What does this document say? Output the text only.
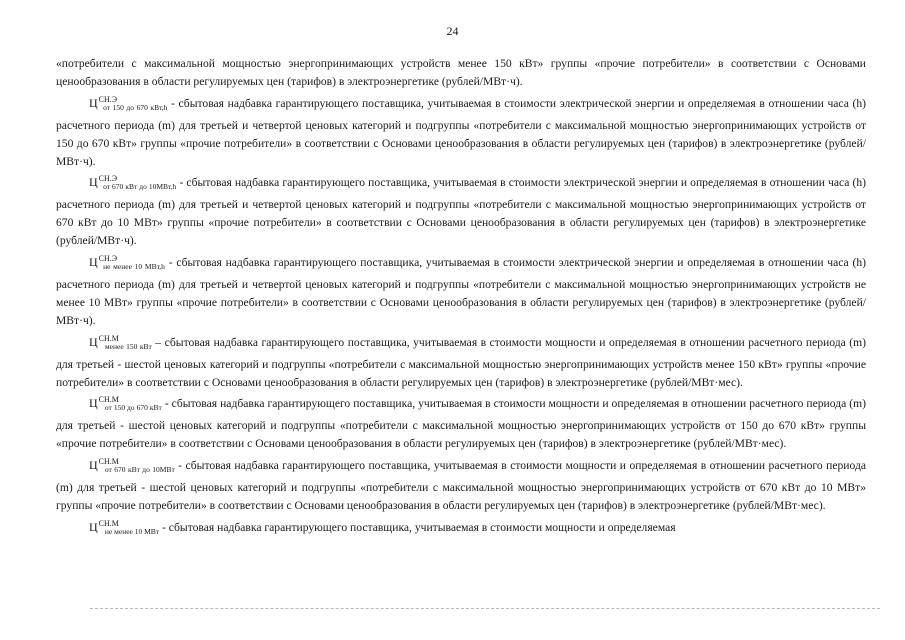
24

«потребители с максимальной мощностью энергопринимающих устройств менее 150 кВт» группы «прочие потребители» в соответствии с Основами ценообразования в области регулируемых цен (тарифов) в электроэнергетике (рублей/МВт·ч).

$Ц^{СН.Э}_{от 150 до 670 кВт,h}$ - сбытовая надбавка гарантирующего поставщика, учитываемая в стоимости электрической энергии и определяемая в отношении часа (h) расчетного периода (m) для третьей и четвертой ценовых категорий и подгруппы «потребители с максимальной мощностью энергопринимающих устройств от 150 до 670 кВт» группы «прочие потребители» в соответствии с Основами ценообразования в области регулируемых цен (тарифов) в электроэнергетике (рублей/МВт·ч).

$Ц^{СН.Э}_{от 670 кВт до 10МВт,h}$ - сбытовая надбавка гарантирующего поставщика, учитываемая в стоимости электрической энергии и определяемая в отношении часа (h) расчетного периода (m) для третьей и четвертой ценовых категорий и подгруппы «потребители с максимальной мощностью энергопринимающих устройств от 670 кВт до 10 МВт» группы «прочие потребители» в соответствии с Основами ценообразования в области регулируемых цен (тарифов) в электроэнергетике (рублей/МВт·ч).

$Ц^{СН.Э}_{не менее 10 МВт,h}$ - сбытовая надбавка гарантирующего поставщика, учитываемая в стоимости электрической энергии и определяемая в отношении часа (h) расчетного периода (m) для третьей и четвертой ценовых категорий и подгруппы «потребители с максимальной мощностью энергопринимающих устройств не менее 10 МВт» группы «прочие потребители» в соответствии с Основами ценообразования в области регулируемых цен (тарифов) в электроэнергетике (рублей/МВт·ч).

$Ц^{СН.М}_{менее 150 кВт}$ – сбытовая надбавка гарантирующего поставщика, учитываемая в стоимости мощности и определяемая в отношении расчетного периода (m) для третьей - шестой ценовых категорий и подгруппы «потребители с максимальной мощностью энергопринимающих устройств менее 150 кВт» группы «прочие потребители» в соответствии с Основами ценообразования в области регулируемых цен (тарифов) в электроэнергетике (рублей/МВт·мес).

$Ц^{СН.М}_{от 150 до 670 кВт}$ - сбытовая надбавка гарантирующего поставщика, учитываемая в стоимости мощности и определяемая в отношении расчетного периода (m) для третьей - шестой ценовых категорий и подгруппы «потребители с максимальной мощностью энергопринимающих устройств от 150 до 670 кВт» группы «прочие потребители» в соответствии с Основами ценообразования в области регулируемых цен (тарифов) в электроэнергетике (рублей/МВт·мес).

$Ц^{СН.М}_{от 670 кВт до 10МВт}$ - сбытовая надбавка гарантирующего поставщика, учитываемая в стоимости мощности и определяемая в отношении расчетного периода (m) для третьей - шестой ценовых категорий и подгруппы «потребители с максимальной мощностью энергопринимающих устройств от 670 кВт до 10 МВт» группы «прочие потребители» в соответствии с Основами ценообразования в области регулируемых цен (тарифов) в электроэнергетике (рублей/МВт·мес).

$Ц^{СН.М}_{не менее 10 МВт}$ - сбытовая надбавка гарантирующего поставщика, учитываемая в стоимости мощности и определяемая
